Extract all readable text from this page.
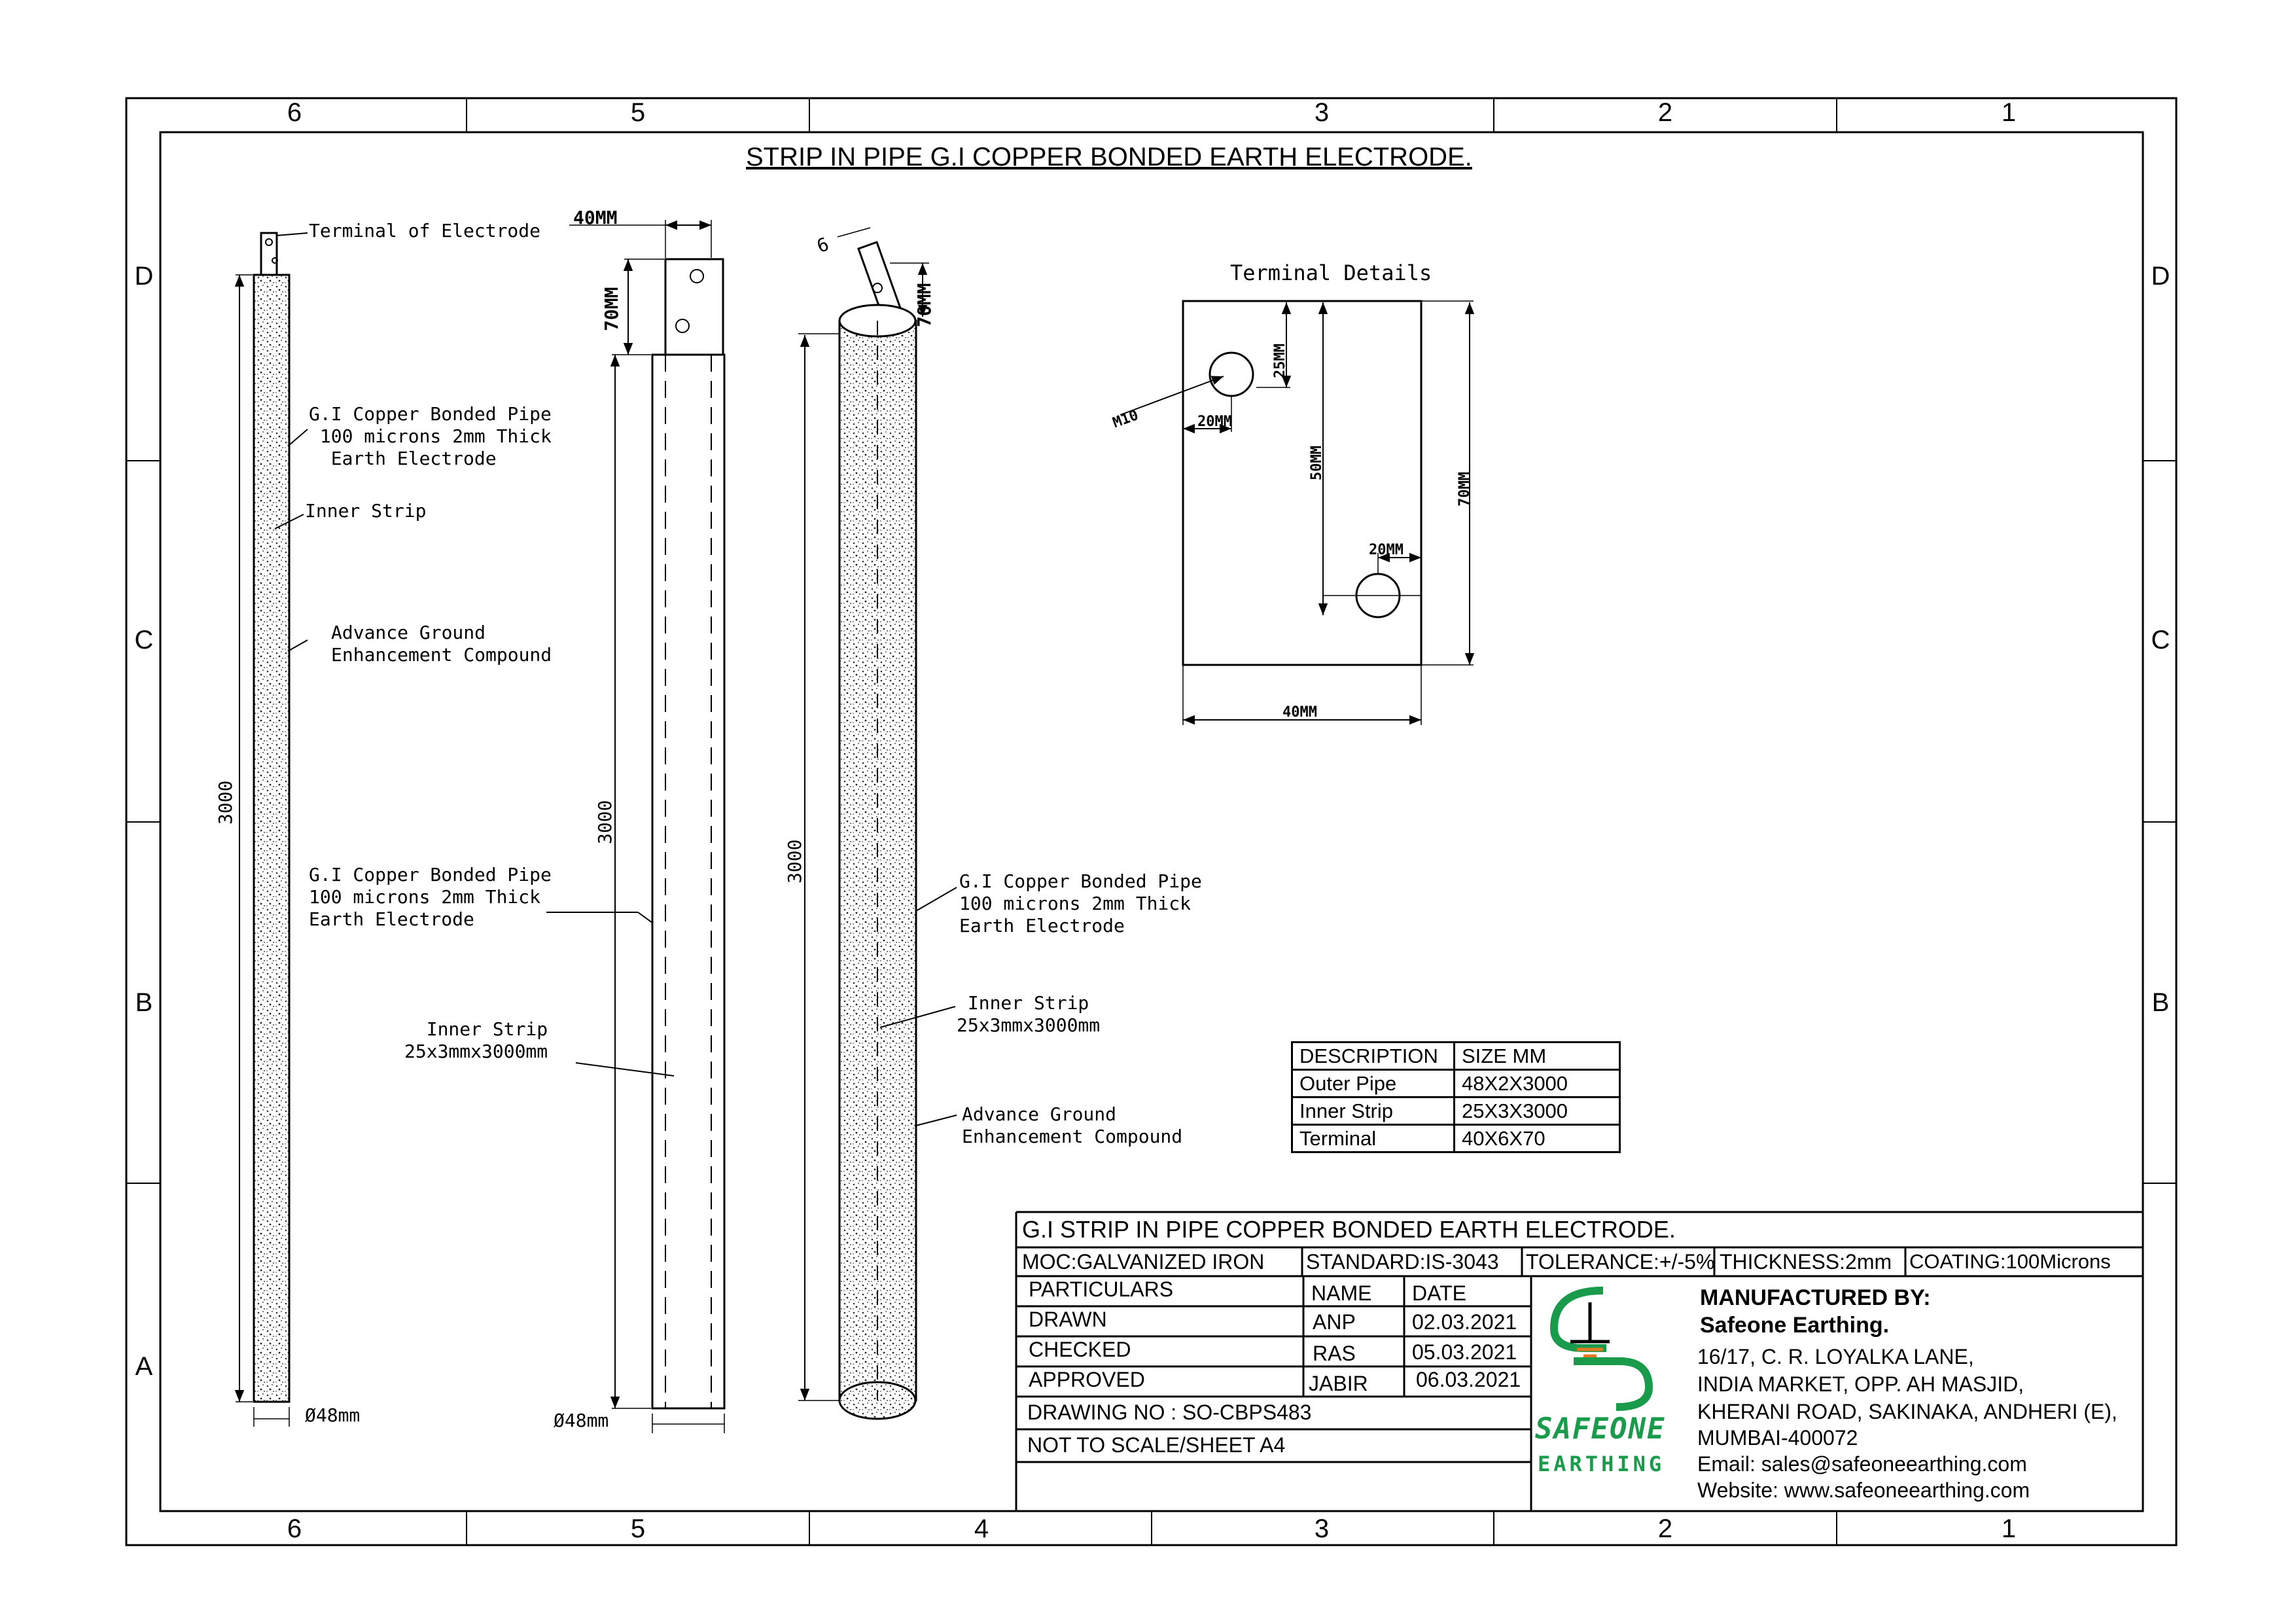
6	5	3	2	1
6	5	4	3	2	1
D
C
B
A
D
C
B
STRIP IN PIPE G.I COPPER BONDED EARTH ELECTRODE.
Terminal of Electrode
G.I Copper Bonded Pipe
100 microns 2mm Thick
Earth Electrode
Inner Strip
Advance Ground
Enhancement Compound
3000
Ø48mm
40MM
70MM
3000
G.I Copper Bonded Pipe
100 microns 2mm Thick
Earth Electrode
Inner Strip
25x3mmx3000mm
Ø48mm
6
70MM
3000	G.I Copper Bonded Pipe
100 microns 2mm Thick
Earth Electrode
Inner Strip
25x3mmx3000mm
Advance Ground
Enhancement Compound
Terminal Details
M10
25MM
20MM
50MM
70MM
20MM
40MM
DESCRIPTION	SIZE MM
Outer Pipe	48X2X3000
Inner Strip	25X3X3000
Terminal	40X6X70
G.I STRIP IN PIPE COPPER BONDED EARTH ELECTRODE.
MOC:GALVANIZED IRON STANDARD:IS-3043 TOLERANCE:+/-5% THICKNESS:2mm COATING:100Microns
PARTICULARS	NAME DATE
DRAWN	ANP	02.03.2021
CHECKED	RAS	05.03.2021
APPROVED	JABIR 06.03.2021
DRAWING NO : SO-CBPS483
NOT TO SCALE/SHEET A4	SAFEONE
EARTHING
MANUFACTURED BY:
Safeone Earthing.
16/17, C. R. LOYALKA LANE,
INDIA MARKET, OPP. AH MASJID,
KHERANI ROAD, SAKINAKA, ANDHERI (E),
MUMBAI-400072
Email: sales@safeoneearthing.com
Website: www.safeoneearthing.com
